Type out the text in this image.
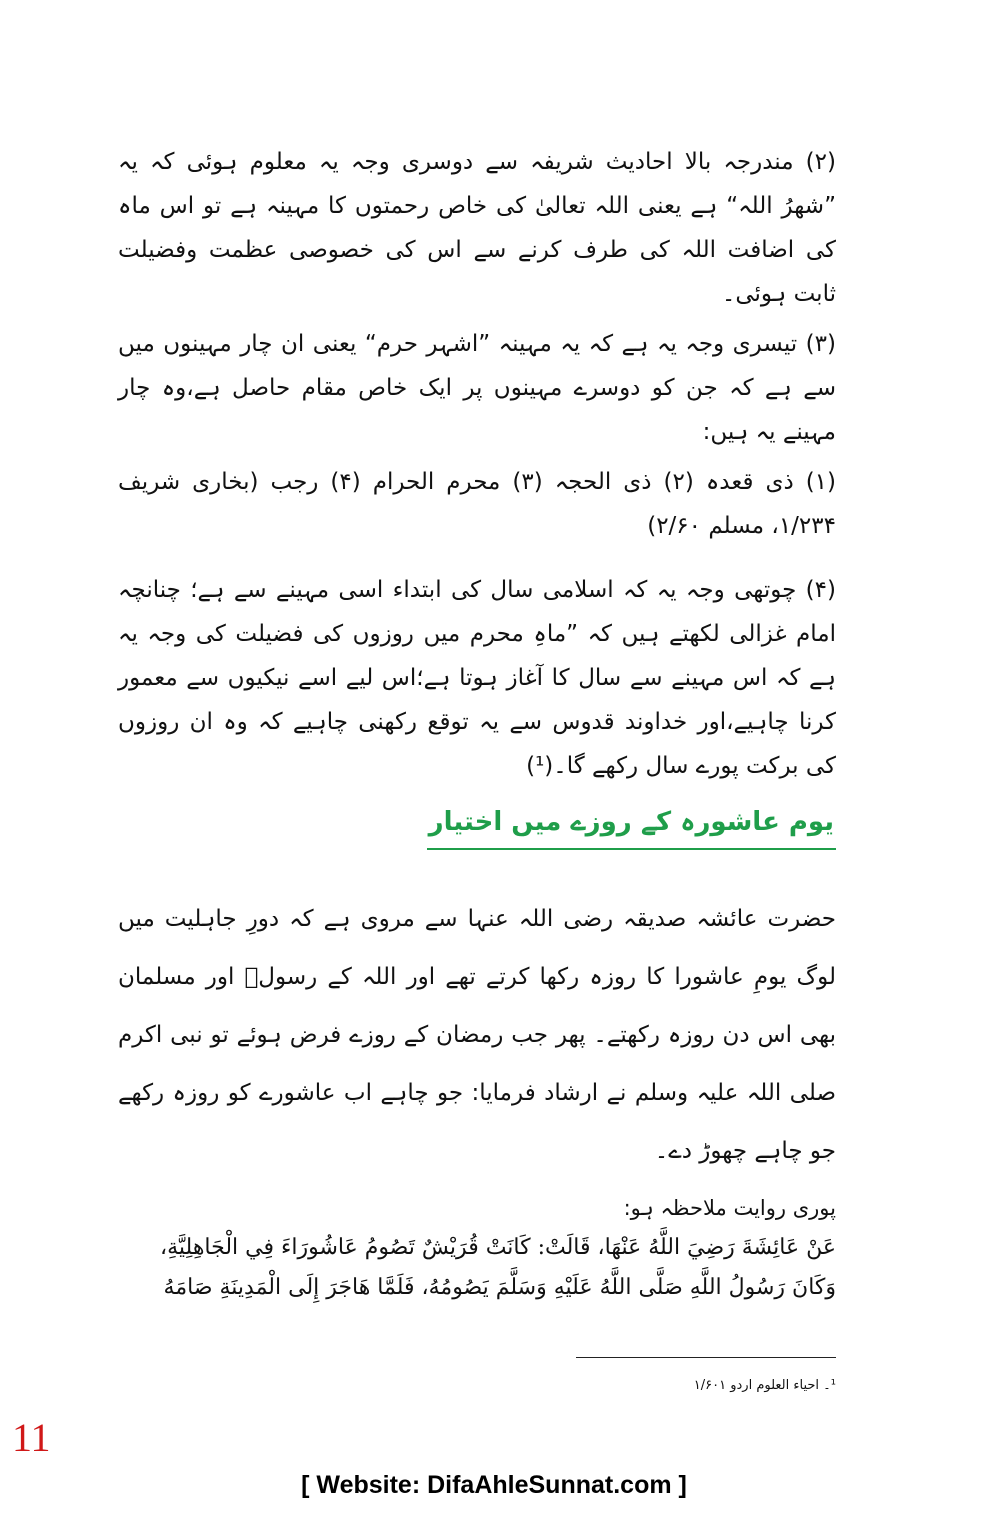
(۲) مندرجہ بالا احادیث شریفہ سے دوسری وجہ یہ معلوم ہوئی کہ یہ ”شھرُ اللہ“ ہے یعنی اللہ تعالیٰ کی خاص رحمتوں کا مہینہ ہے تو اس ماہ کی اضافت اللہ کی طرف کرنے سے اس کی خصوصی عظمت وفضیلت ثابت ہوئی۔

(۳) تیسری وجہ یہ ہے کہ یہ مہینہ ”اشہر حرم“ یعنی ان چار مہینوں میں سے ہے کہ جن کو دوسرے مہینوں پر ایک خاص مقام حاصل ہے،وہ چار مہینے یہ ہیں:

(۱) ذی قعدہ (۲) ذی الحجہ (۳) محرم الحرام (۴) رجب (بخاری شریف ۱/۲۳۴، مسلم ۲/۶۰)

(۴) چوتھی وجہ یہ کہ اسلامی سال کی ابتداء اسی مہینے سے ہے؛ چنانچہ امام غزالی لکھتے ہیں کہ ”ماہِ محرم میں روزوں کی فضیلت کی وجہ یہ ہے کہ اس مہینے سے سال کا آغاز ہوتا ہے؛اس لیے اسے نیکیوں سے معمور کرنا چاہیے،اور خداوند قدوس سے یہ توقع رکھنی چاہیے کہ وہ ان روزوں کی برکت پورے سال رکھے گا۔(¹)

یوم عاشورہ کے روزے میں اختیار

حضرت عائشہ صدیقہ رضی اللہ عنہا سے مروی ہے کہ دورِ جاہلیت میں لوگ یومِ عاشورا کا روزہ رکھا کرتے تھے اور اللہ کے رسولؐ اور مسلمان بھی اس دن روزہ رکھتے۔ پھر جب رمضان کے روزے فرض ہوئے تو نبی اکرم صلی اللہ علیہ وسلم نے ارشاد فرمایا: جو چاہے اب عاشورے کو روزہ رکھے جو چاہے چھوڑ دے۔

پوری روایت ملاحظہ ہو:

عَنْ عَائِشَةَ رَضِيَ اللَّهُ عَنْهَا، قَالَتْ: كَانَتْ قُرَيْشٌ تَصُومُ عَاشُورَاءَ فِي الْجَاهِلِيَّةِ،

وَكَانَ رَسُولُ اللَّهِ صَلَّى اللَّهُ عَلَيْهِ وَسَلَّمَ يَصُومُهُ، فَلَمَّا هَاجَرَ إِلَى الْمَدِينَةِ صَامَهُ

¹۔ احیاء العلوم اردو ۱/۶۰۱
11
[ Website: DifaAhleSunnat.com ]
